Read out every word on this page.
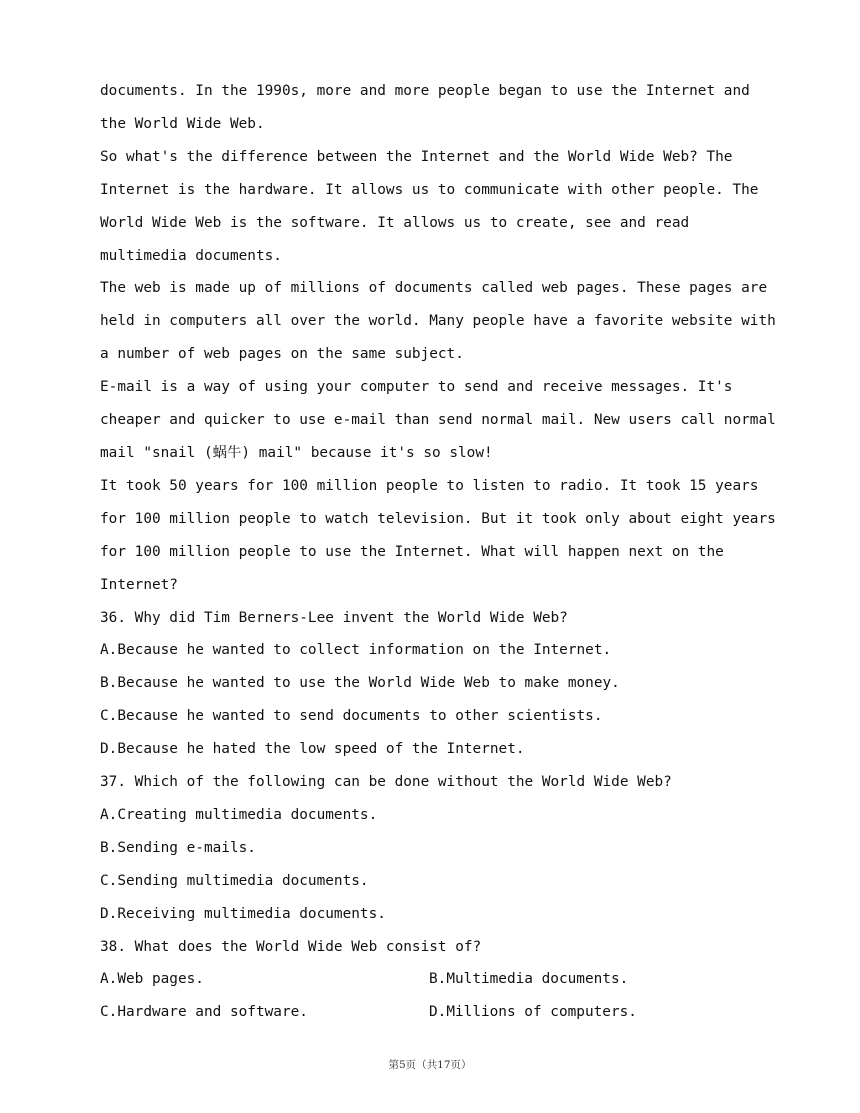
documents. In the 1990s, more and more people began to use the Internet and
the World Wide Web.
So what's the difference between the Internet and the World Wide Web? The
Internet is the hardware. It allows us to communicate with other people. The
World Wide Web is the software. It allows us to create, see and read
multimedia documents.
The web is made up of millions of documents called web pages. These pages are
held in computers all over the world. Many people have a favorite website with
a number of web pages on the same subject.
E-mail is a way of using your computer to send and receive messages. It's
cheaper and quicker to use e-mail than send normal mail. New users call normal
mail "snail (蜗牛) mail" because it's so slow!
It took 50 years for 100 million people to listen to radio. It took 15 years
for 100 million people to watch television. But it took only about eight years
for 100 million people to use the Internet. What will happen next on the
Internet?
36. Why did Tim Berners-Lee invent the World Wide Web?
A.Because he wanted to collect information on the Internet.
B.Because he wanted to use the World Wide Web to make money.
C.Because he wanted to send documents to other scientists.
D.Because he hated the low speed of the Internet.
37. Which of the following can be done without the World Wide Web?
A.Creating multimedia documents.
B.Sending e-mails.
C.Sending multimedia documents.
D.Receiving multimedia documents.
38. What does the World Wide Web consist of?
A.Web pages.	B.Multimedia documents.
C.Hardware and software.	D.Millions of computers.
第5页（共17页）
